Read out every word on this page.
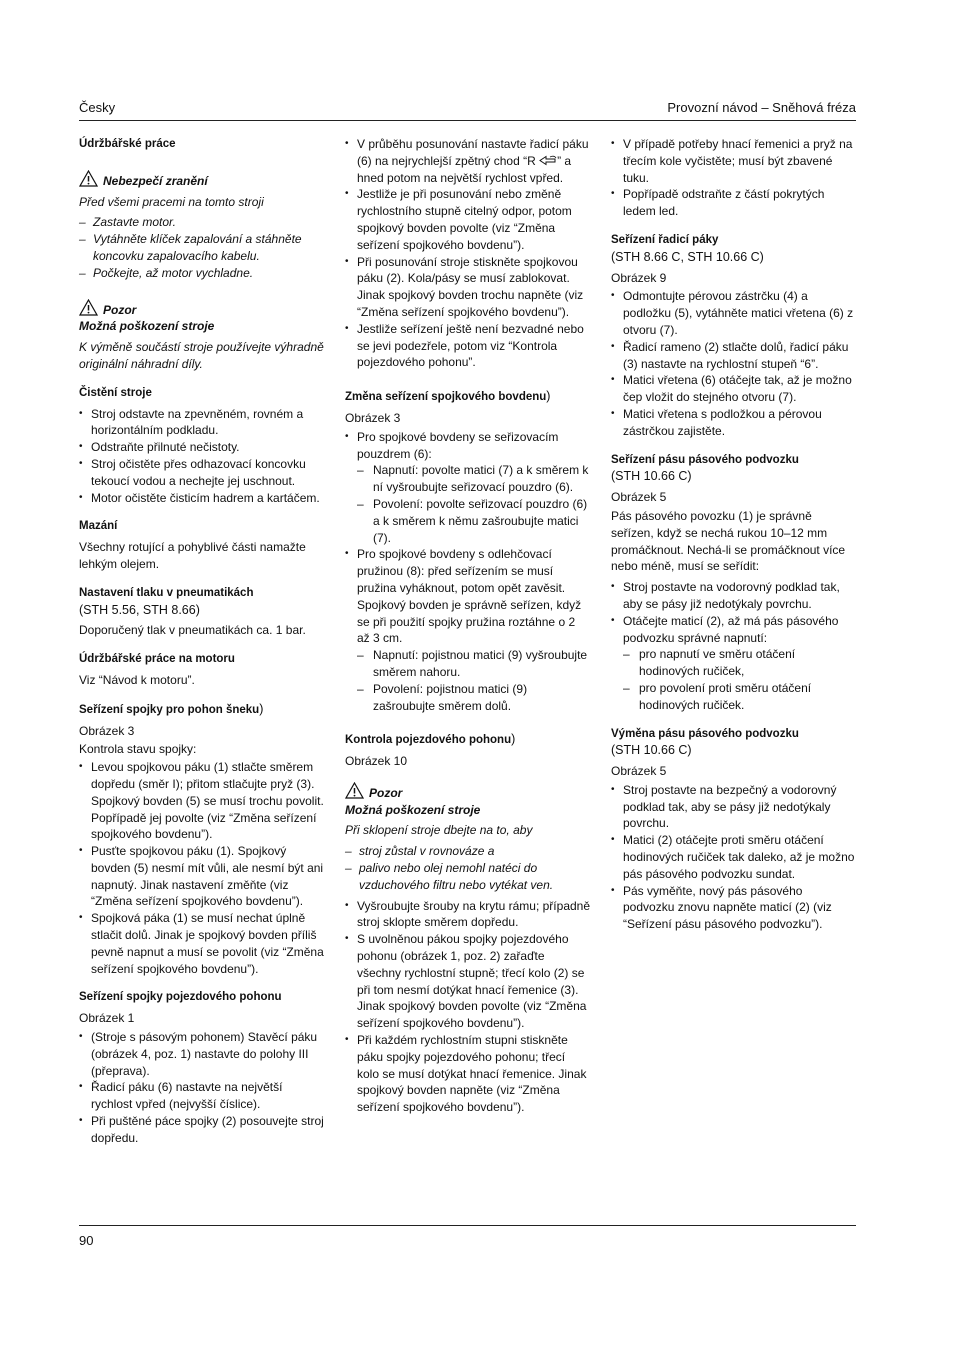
Česky	Provozní návod – Sněhová fréza

Údržbářské práce

Nebezpečí zranění

Před všemi pracemi na tomto stroji

– Zastavte motor.
– Vytáhněte klíček zapalování a stáhněte koncovku zapalovacího kabelu.
– Počkejte, až motor vychladne.

Pozor

Možná poškození stroje

K výměně součástí stroje používejte výhradně originální náhradní díly.

Čistění stroje

• Stroj odstavte na zpevněném, rovném a horizontálním podkladu.
• Odstraňte přilnuté nečistoty.
• Stroj očistěte přes odhazovací koncovku tekoucí vodou a nechejte jej uschnout.
• Motor očistěte čisticím hadrem a kartáčem.

Mazání

Všechny rotující a pohyblivé části namažte lehkým olejem.

Nastavení tlaku v pneumatikách

(STH 5.56, STH 8.66)

Doporučený tlak v pneumatikách ca. 1 bar.

Údržbářské práce na motoru

Viz “Návod k motoru”.

Seřízení spojky pro pohon šneku)

Obrázek 3

Kontrola stavu spojky:

• Levou spojkovou páku (1) stlačte směrem dopředu (směr I); přitom stlačujte pryž (3). Spojkový bovden (5) se musí trochu povolit. Popřípadě jej povolte (viz “Změna seřízení spojkového bovdenu”).
• Pusťte spojkovou páku (1). Spojkový bovden (5) nesmí mít vůli, ale nesmí být ani napnutý. Jinak nastavení změňte (viz “Změna seřízení spojkového bovdenu”).
• Spojková páka (1) se musí nechat úplně stlačit dolů. Jinak je spojkový bovden příliš pevně napnut a musí se povolit (viz “Změna seřízení spojkového bovdenu”).

Seřízení spojky pojezdového pohonu

Obrázek 1

• (Stroje s pásovým pohonem) Stavěcí páku (obrázek 4, poz. 1) nastavte do polohy III (přeprava).
• Řadicí páku (6) nastavte na největší rychlost vpřed (nejvyšší číslice).
• Při puštěné páce spojky (2) posouvejte stroj dopředu.
• V průběhu posunování nastavte řadicí páku (6) na nejrychlejší zpětný chod “R ” a hned potom na největší rychlost vpřed.
• Jestliže je při posunování nebo změně rychlostního stupně citelný odpor, potom spojkový bovden povolte (viz “Změna seřízení spojkového bovdenu”).
• Při posunování stroje stiskněte spojkovou páku (2). Kola/pásy se musí zablokovat. Jinak spojkový bovden trochu napněte (viz “Změna seřízení spojkového bovdenu”).
• Jestliže seřízení ještě není bezvadné nebo se jevi podezřele, potom viz “Kontrola pojezdového pohonu”.

Změna seřízení spojkového bovdenu)

Obrázek 3

• Pro spojkové bovdeny se seřizovacím pouzdrem (6):
– Napnutí: povolte matici (7) a k směrem k ní vyšroubujte seřizovací pouzdro (6).
– Povolení: povolte seřizovací pouzdro (6) a k směrem k němu zašroubujte matici (7).
• Pro spojkové bovdeny s odlehčovací pružinou (8): před seřízením se musí pružina vyháknout, potom opět zavěsit. Spojkový bovden je správně seřízen, když se při použití spojky pružina roztáhne o 2 až 3 cm.
– Napnutí: pojistnou matici (9) vyšroubujte směrem nahoru.
– Povolení: pojistnou matici (9) zašroubujte směrem dolů.

Kontrola pojezdového pohonu)

Obrázek 10

Pozor

Možná poškození stroje

Při sklopení stroje dbejte na to, aby

– stroj zůstal v rovnováze a
– palivo nebo olej nemohl natéci do vzduchového filtru nebo vytékat ven.
• Vyšroubujte šrouby na krytu rámu; případně stroj sklopte směrem dopředu.
• S uvolněnou pákou spojky pojezdového pohonu (obrázek 1, poz. 2) zařaďte všechny rychlostní stupně; třecí kolo (2) se při tom nesmí dotýkat hnací řemenice (3). Jinak spojkový bovden povolte (viz “Změna seřízení spojkového bovdenu”).
• Při každém rychlostním stupni stiskněte páku spojky pojezdového pohonu; třecí kolo se musí dotýkat hnací řemenice. Jinak spojkový bovden napněte (viz “Změna seřízení spojkového bovdenu”).
• V případě potřeby hnací řemenici a pryž na třecím kole vyčistěte; musí být zbavené tuku.
• Popřípadě odstraňte z částí pokrytých ledem led.

Seřízení řadicí páky

(STH 8.66 C, STH 10.66 C)

Obrázek 9

• Odmontujte pérovou zástrčku (4) a podložku (5), vytáhněte matici vřetena (6) z otvoru (7).
• Řadicí rameno (2) stlačte dolů, řadicí páku (3) nastavte na rychlostní stupeň “6”.
• Matici vřetena (6) otáčejte tak, až je možno čep vložit do stejného otvoru (7).
• Matici vřetena s podložkou a pérovou zástrčkou zajistěte.

Seřízení pásu pásového podvozku

(STH 10.66 C)

Obrázek 5

Pás pásového povozku (1) je správně seřízen, když se nechá rukou 10–12 mm promáčknout. Nechá-li se promáčknout více nebo méně, musí se seřídit:

• Stroj postavte na vodorovný podklad tak, aby se pásy již nedotýkaly povrchu.
• Otáčejte maticí (2), až má pás pásového podvozku správné napnutí:
– pro napnutí ve směru otáčení hodinových ručiček,
– pro povolení proti směru otáčení hodinových ručiček.

Výměna pásu pásového podvozku

(STH 10.66 C)

Obrázek 5

• Stroj postavte na bezpečný a vodorovný podklad tak, aby se pásy již nedotýkaly povrchu.
• Matici (2) otáčejte proti směru otáčení hodinových ručiček tak daleko, až je možno pás pásového podvozku sundat.
• Pás vyměňte, nový pás pásového podvozku znovu napněte maticí (2) (viz “Seřízení pásu pásového podvozku”).
90
